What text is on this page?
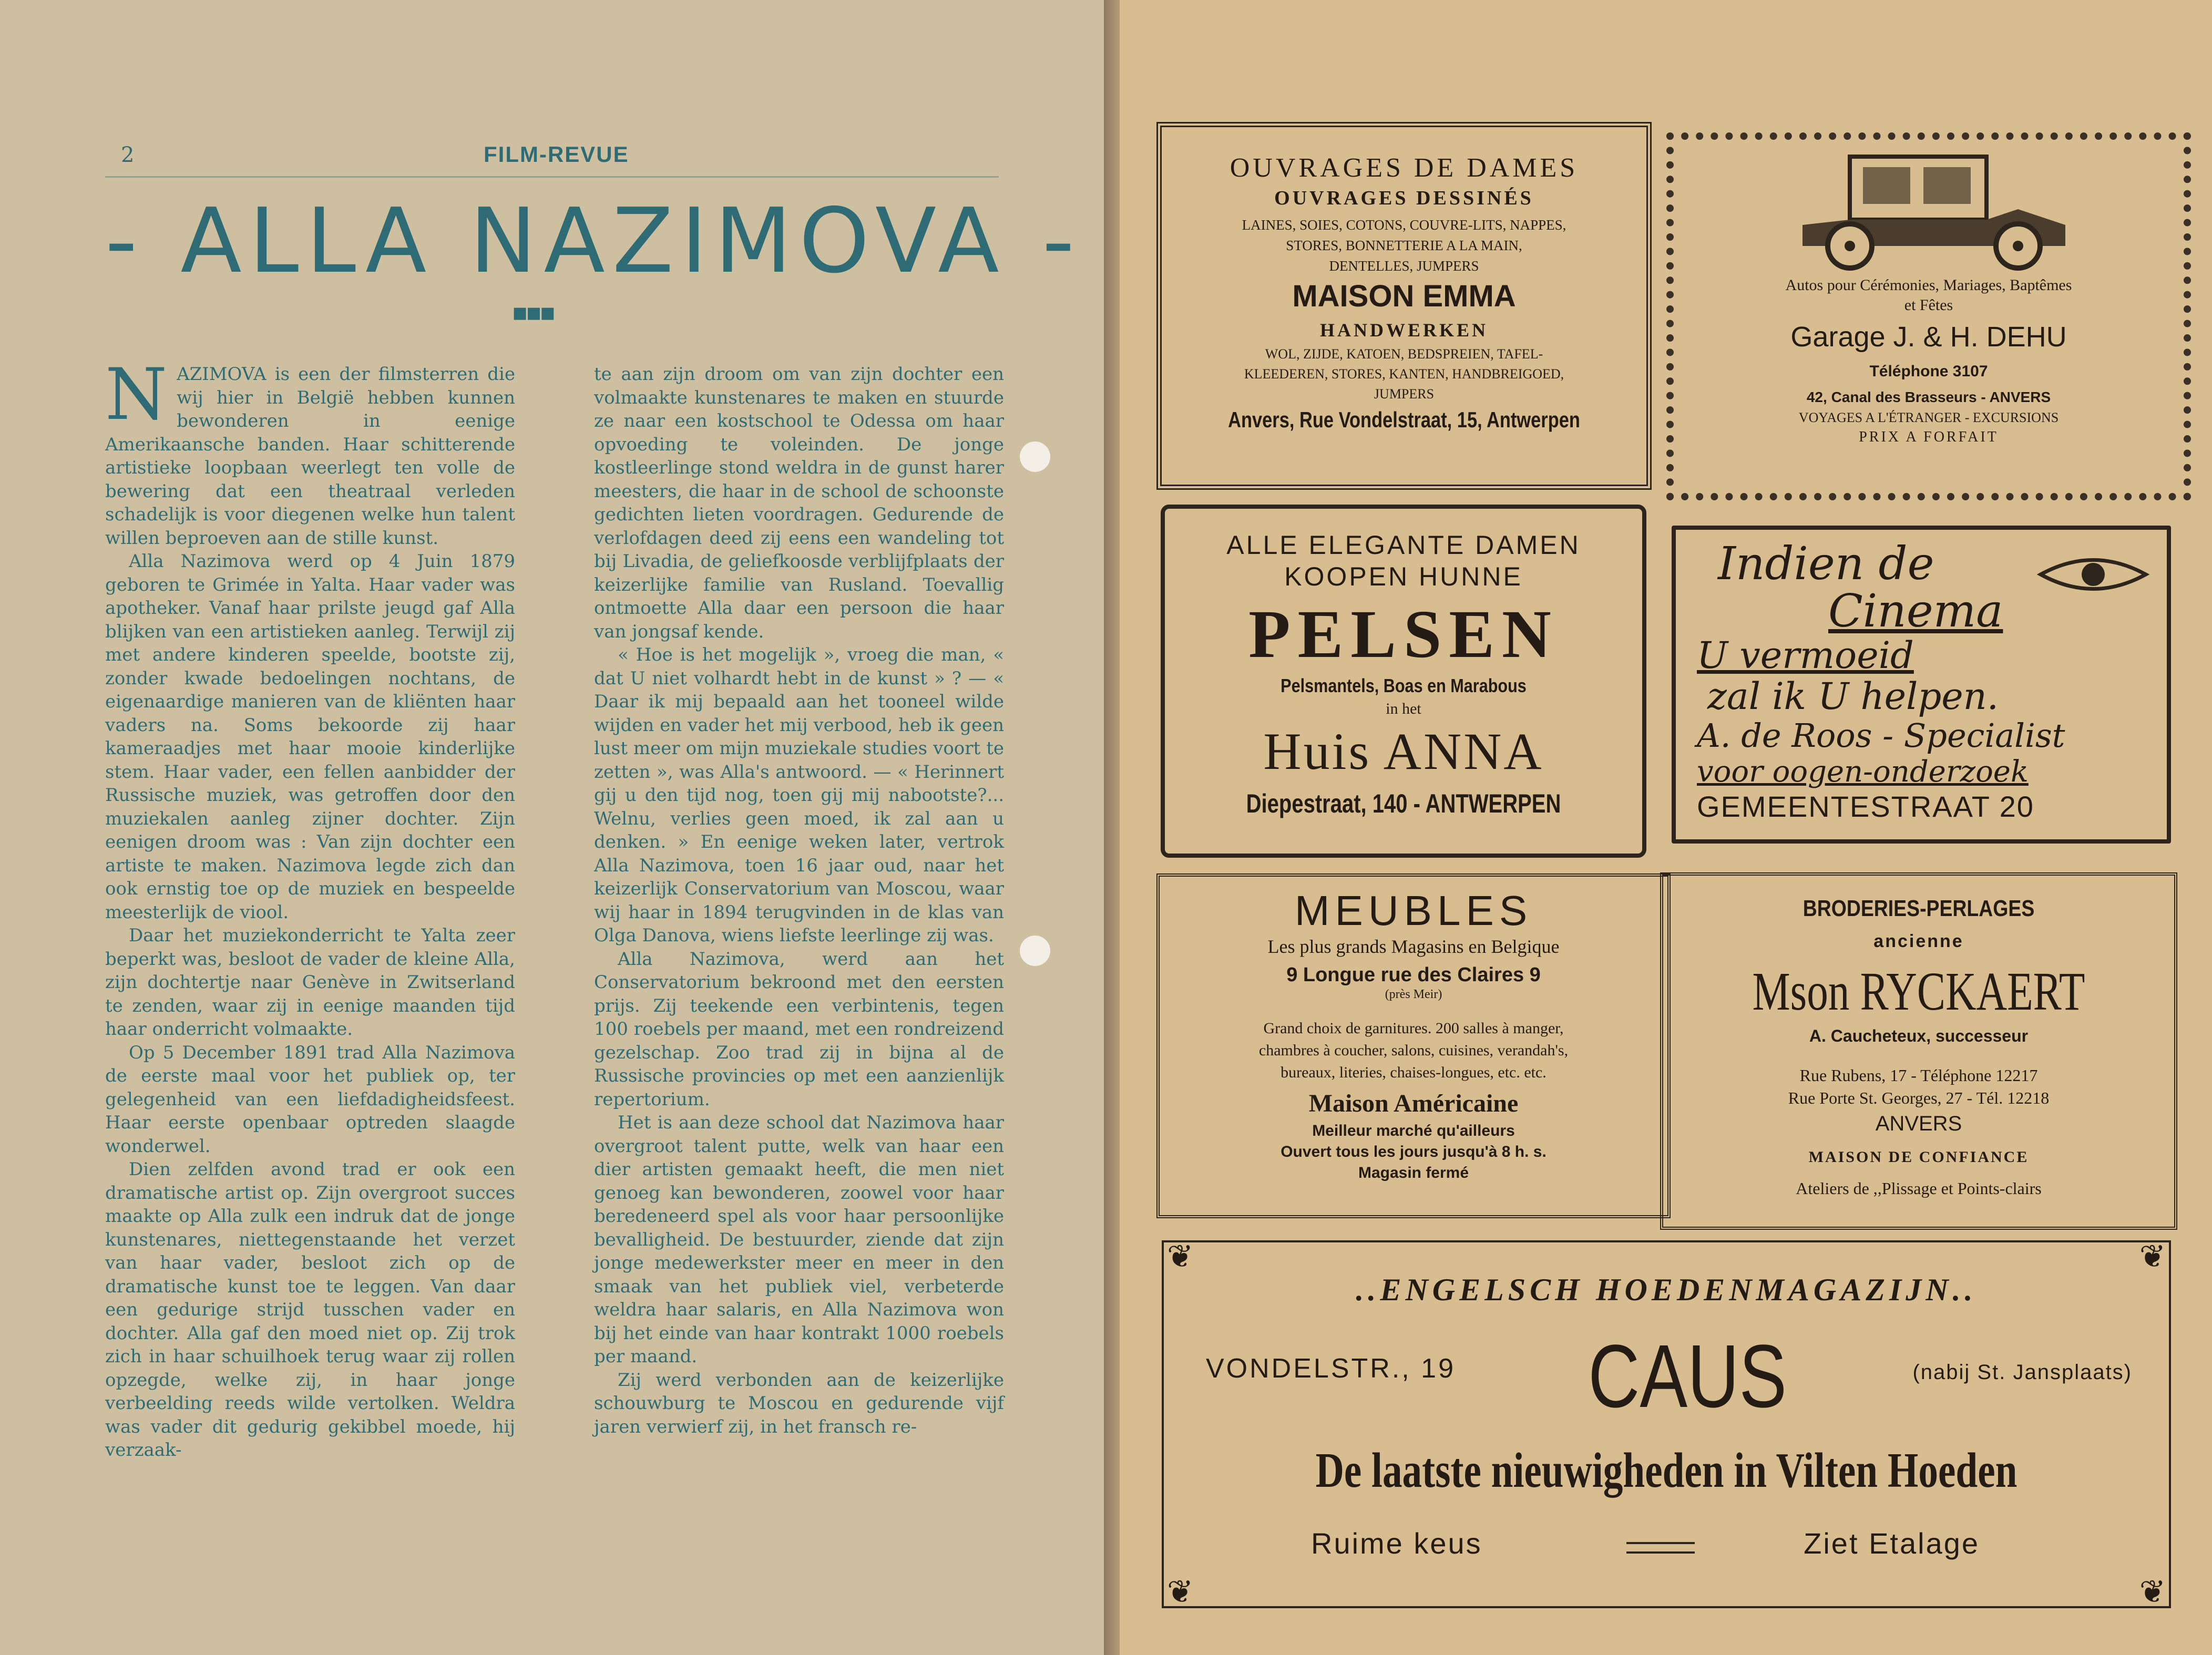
2	FILM-REVUE
- ALLA NAZIMOVA -
■■■

NAZIMOVA is een der filmsterren die wij hier in België hebben kunnen bewonderen in eenige Amerikaansche banden. Haar schitterende artistieke loopbaan weerlegt ten volle de bewering dat een theatraal verleden schadelijk is voor diegenen welke hun talent willen beproeven aan de stille kunst.

Alla Nazimova werd op 4 Juin 1879 geboren te Grimée in Yalta. Haar vader was apotheker. Vanaf haar prilste jeugd gaf Alla blijken van een artistieken aanleg. Terwijl zij met andere kinderen speelde, bootste zij, zonder kwade bedoelingen nochtans, de eigenaardige manieren van de kliënten haar vaders na. Soms bekoorde zij haar kameraadjes met haar mooie kinderlijke stem. Haar vader, een fellen aanbidder der Russische muziek, was getroffen door den muziekalen aanleg zijner dochter. Zijn eenigen droom was : Van zijn dochter een artiste te maken. Nazimova legde zich dan ook ernstig toe op de muziek en bespeelde meesterlijk de viool.

Daar het muziekonderricht te Yalta zeer beperkt was, besloot de vader de kleine Alla, zijn dochtertje naar Genève in Zwitserland te zenden, waar zij in eenige maanden tijd haar onderricht volmaakte.

Op 5 December 1891 trad Alla Nazimova de eerste maal voor het publiek op, ter gelegenheid van een liefdadigheidsfeest. Haar eerste openbaar optreden slaagde wonderwel.

Dien zelfden avond trad er ook een dramatische artist op. Zijn overgroot succes maakte op Alla zulk een indruk dat de jonge kunstenares, niettegenstaande het verzet van haar vader, besloot zich op de dramatische kunst toe te leggen. Van daar een gedurige strijd tusschen vader en dochter. Alla gaf den moed niet op. Zij trok zich in haar schuilhoek terug waar zij rollen opzegde, welke zij, in haar jonge verbeelding reeds wilde vertolken. Weldra was vader dit gedurig gekibbel moede, hij verzaak-

te aan zijn droom om van zijn dochter een volmaakte kunstenares te maken en stuurde ze naar een kostschool te Odessa om haar opvoeding te voleinden. De jonge kostleerlinge stond weldra in de gunst harer meesters, die haar in de school de schoonste gedichten lieten voordragen. Gedurende de verlofdagen deed zij eens een wandeling tot bij Livadia, de geliefkoosde verblijfplaats der keizerlijke familie van Rusland. Toevallig ontmoette Alla daar een persoon die haar van jongsaf kende.

« Hoe is het mogelijk », vroeg die man, « dat U niet volhardt hebt in de kunst » ? — « Daar ik mij bepaald aan het tooneel wilde wijden en vader het mij verbood, heb ik geen lust meer om mijn muziekale studies voort te zetten », was Alla's antwoord. — « Herinnert gij u den tijd nog, toen gij mij nabootste?... Welnu, verlies geen moed, ik zal aan u denken. » En eenige weken later, vertrok Alla Nazimova, toen 16 jaar oud, naar het keizerlijk Conservatorium van Moscou, waar wij haar in 1894 terugvinden in de klas van Olga Danova, wiens liefste leerlinge zij was.

Alla Nazimova, werd aan het Conservatorium bekroond met den eersten prijs. Zij teekende een verbintenis, tegen 100 roebels per maand, met een rondreizend gezelschap. Zoo trad zij in bijna al de Russische provincies op met een aanzienlijk repertorium.

Het is aan deze school dat Nazimova haar overgroot talent putte, welk van haar een dier artisten gemaakt heeft, die men niet genoeg kan bewonderen, zoowel voor haar beredeneerd spel als voor haar persoonlijke bevalligheid. De bestuurder, ziende dat zijn jonge medewerkster meer en meer in den smaak van het publiek viel, verbeterde weldra haar salaris, en Alla Nazimova won bij het einde van haar kontrakt 1000 roebels per maand.

Zij werd verbonden aan de keizerlijke schouwburg te Moscou en gedurende vijf jaren verwierf zij, in het fransch re-

OUVRAGES DE DAMES
OUVRAGES DESSINÉS
LAINES, SOIES, COTONS, COUVRE-LITS, NAPPES,
STORES, BONNETTERIE A LA MAIN,
DENTELLES, JUMPERS
MAISON EMMA
HANDWERKEN
WOL, ZIJDE, KATOEN, BEDSPREIEN, TAFEL-
KLEEDEREN, STORES, KANTEN, HANDBREIGOED,
JUMPERS
Anvers, Rue Vondelstraat, 15, Antwerpen
Autos pour Cérémonies, Mariages, Baptêmes
et Fêtes
Garage J. & H. DEHU
Téléphone 3107
42, Canal des Brasseurs - ANVERS
VOYAGES A L'ÉTRANGER - EXCURSIONS
PRIX A FORFAIT
ALLE ELEGANTE DAMEN
KOOPEN HUNNE
PELSEN
Pelsmantels, Boas en Marabous
in het
Huis ANNA
Diepestraat, 140 - ANTWERPEN
Indien de
Cinema
U vermoeid
zal ik U helpen.
A. de Roos - Specialist
voor oogen-onderzoek
GEMEENTESTRAAT 20
MEUBLES
Les plus grands Magasins en Belgique
9 Longue rue des Claires 9
(près Meir)
Grand choix de garnitures. 200 salles à manger,
chambres à coucher, salons, cuisines, verandah's,
bureaux, literies, chaises-longues, etc. etc.
Maison Américaine
Meilleur marché qu'ailleurs
Ouvert tous les jours jusqu'à 8 h. s.
Magasin fermé
BRODERIES-PERLAGES
ancienne
Mson RYCKAERT
A. Caucheteux, successeur
Rue Rubens, 17 - Téléphone 12217
Rue Porte St. Georges, 27 - Tél. 12218
ANVERS
MAISON DE CONFIANCE
Ateliers de ,,Plissage et Points-clairs
❦	❦
❦	❦
..ENGELSCH HOEDENMAGAZIJN..
VONDELSTR., 19 CAUS	(nabij St. Jansplaats)
De laatste nieuwigheden in Vilten Hoeden
Ruime keus	Ziet Etalage
